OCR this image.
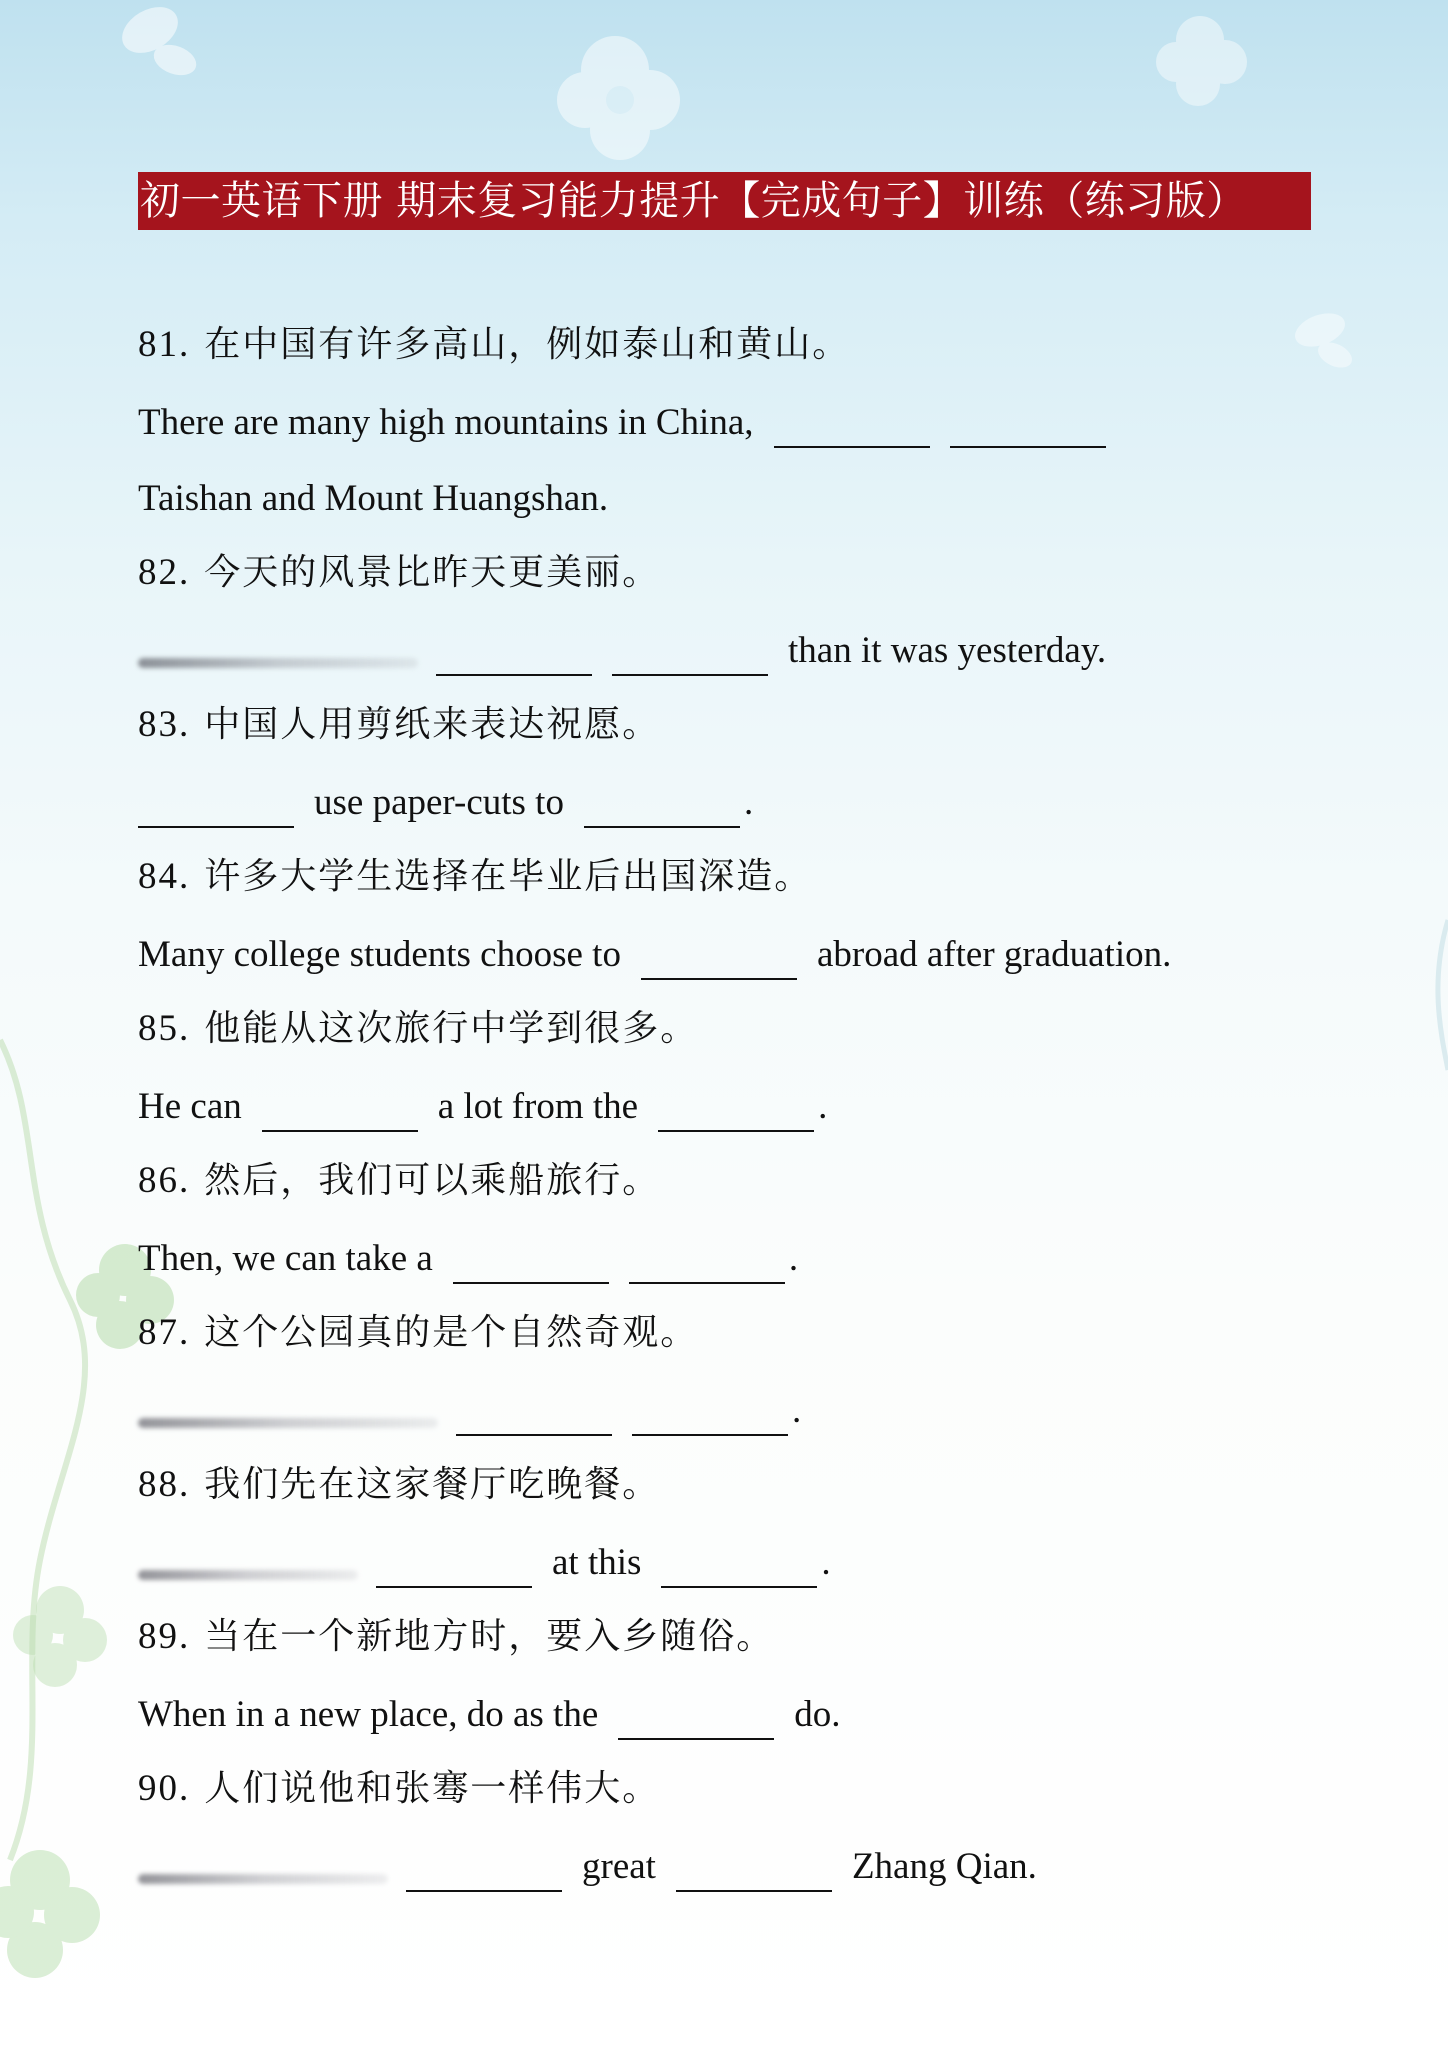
初一英语下册 期末复习能力提升【完成句子】训练（练习版）
81. 在中国有许多高山，例如泰山和黄山。
There are many high mountains in China,
Taishan and Mount Huangshan.
82. 今天的风景比昨天更美丽。
than it was yesterday.
83. 中国人用剪纸来表达祝愿。
use paper-cuts to	.
84. 许多大学生选择在毕业后出国深造。
Many college students choose to	abroad after graduation.
85. 他能从这次旅行中学到很多。
He can	a lot from the	.
86. 然后，我们可以乘船旅行。
Then, we can take a	.
87. 这个公园真的是个自然奇观。
.
88. 我们先在这家餐厅吃晚餐。
at this	.
89. 当在一个新地方时，要入乡随俗。
When in a new place, do as the	do.
90. 人们说他和张骞一样伟大。
great	Zhang Qian.
